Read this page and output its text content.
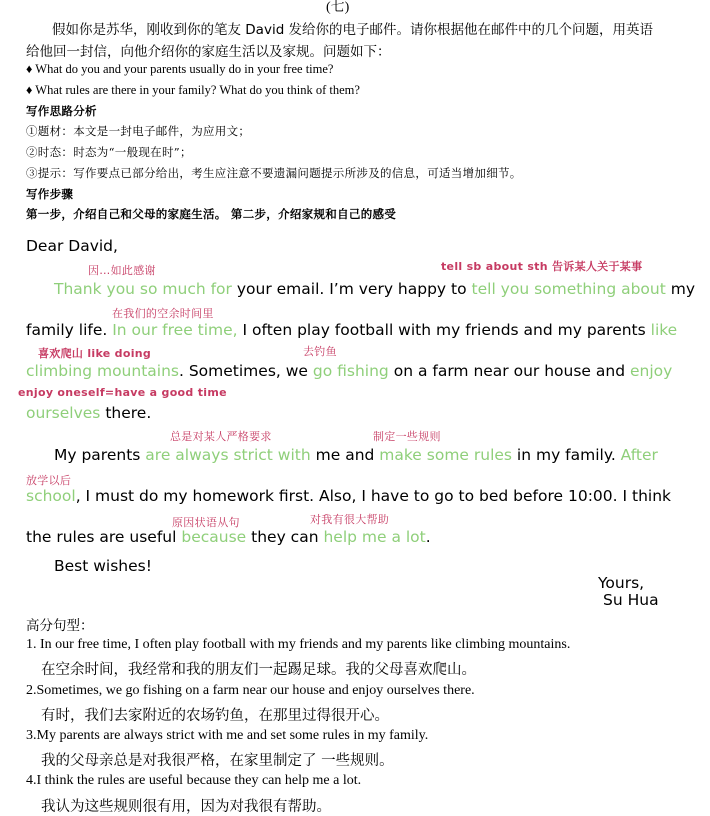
(七)
假如你是苏华，刚收到你的笔友 David 发给你的电子邮件。请你根据他在邮件中的几个问题，用英语
给他回一封信，向他介绍你的家庭生活以及家规。问题如下：
♦ What do you and your parents usually do in your free time?
♦ What rules are there in your family? What do you think of them?
写作思路分析
①题材：本文是一封电子邮件，为应用文；
②时态：时态为“一般现在时”；
③提示：写作要点已部分给出，考生应注意不要遗漏问题提示所涉及的信息，可适当增加细节。
写作步骤
第一步，介绍自己和父母的家庭生活。 第二步，介绍家规和自己的感受
Dear David,
因…如此感谢	tell sb about sth 告诉某人关于某事
Thank you so much for your email. I’m very happy to tell you something about my
在我们的空余时间里
family life. In our free time, I often play football with my friends and my parents like
喜欢爬山 like doing	去钓鱼
climbing mountains. Sometimes, we go fishing on a farm near our house and enjoy
enjoy oneself=have a good time
ourselves there.
总是对某人严格要求	制定一些规则
My parents are always strict with me and make some rules in my family. After
放学以后
school, I must do my homework first. Also, I have to go to bed before 10:00. I think
原因状语从句	对我有很大帮助
the rules are useful because they can help me a lot.
Best wishes!
Yours,
Su Hua
高分句型：
1. In our free time, I often play football with my friends and my parents like climbing mountains.
在空余时间，我经常和我的朋友们一起踢足球。我的父母喜欢爬山。
2.Sometimes, we go fishing on a farm near our house and enjoy ourselves there.
有时，我们去家附近的农场钓鱼，在那里过得很开心。
3.My parents are always strict with me and set some rules in my family.
我的父母亲总是对我很严格，在家里制定了 一些规则。
4.I think the rules are useful because they can help me a lot.
我认为这些规则很有用，因为对我很有帮助。
